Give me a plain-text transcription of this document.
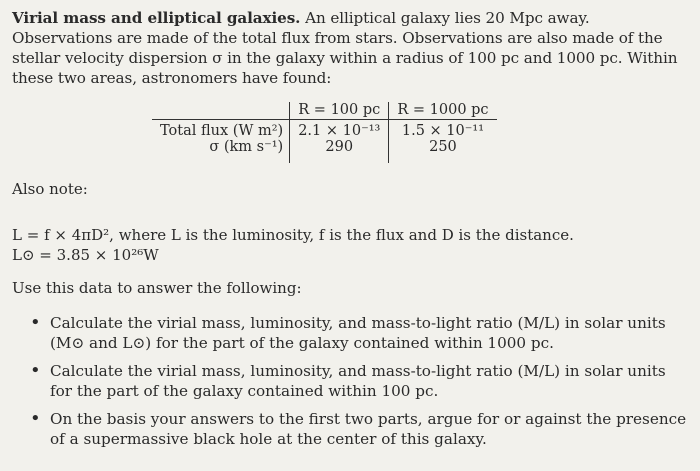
Virial mass and elliptical galaxies. An elliptical galaxy lies 20 Mpc away. Observations are made of the total flux from stars. Observations are also made of the stellar velocity dispersion σ in the galaxy within a radius of 100 pc and 1000 pc. Within these two areas, astronomers have found:
	R = 100 pc	R = 1000 pc
Total flux (W m²)	2.1 × 10⁻¹³	1.5 × 10⁻¹¹
σ (km s⁻¹)	290	250
Also note:
L = f × 4πD², where L is the luminosity, f is the flux and D is the distance.
L⊙ = 3.85 × 10²⁶W
Use this data to answer the following:
• Calculate the virial mass, luminosity, and mass-to-light ratio (M/L) in solar units (M⊙ and L⊙) for the part of the galaxy contained within 1000 pc.
• Calculate the virial mass, luminosity, and mass-to-light ratio (M/L) in solar units for the part of the galaxy contained within 100 pc.
• On the basis your answers to the first two parts, argue for or against the presence of a supermassive black hole at the center of this galaxy.
